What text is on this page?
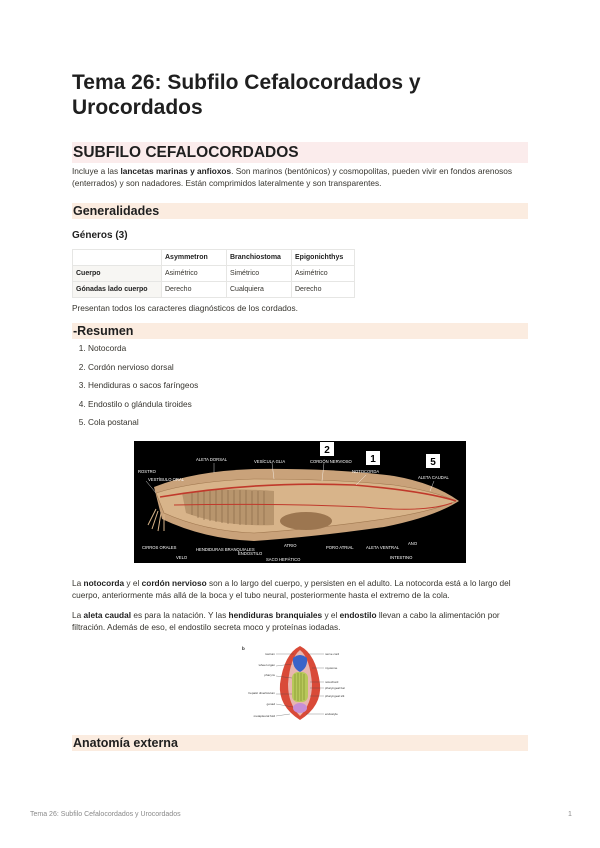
Tema 26: Subfilo Cefalocordados y Urocordados
SUBFILO CEFALOCORDADOS
Incluye a las lancetas marinas y anfioxos. Son marinos (bentónicos) y cosmopolitas, pueden vivir en fondos arenosos (enterrados) y son nadadores. Están comprimidos lateralmente y son transparentes.
Generalidades
Géneros (3)
	Asymmetron	Branchiostoma	Epigonichthys
Cuerpo	Asimétrico	Simétrico	Asimétrico
Gónadas lado cuerpo	Derecho	Cualquiera	Derecho
Presentan todos los caracteres diagnósticos de los cordados.
-Resumen
1. Notocorda
2. Cordón nervioso dorsal
3. Hendiduras o sacos faríngeos
4. Endostilo o glándula tiroides
5. Cola postanal
ROSTRO
VESTÍBULO ORAL
ALETA DORSAL	VESÍCULA GLIA	CORDÓN NERVIOSO
NOTOCORDA
ALETA CAUDAL
CIRROS ORALES
VELO
HENDIDURAS BRANQUIALES
ENDOSTILO
ATRIO
SACO HEPÁTICO
PORO ATRIAL	ALETA VENTRAL
ANO
INTESTINO
2
1	5
La notocorda y el cordón nervioso son a lo largo del cuerpo, y persisten en el adulto. La notocorda está a lo largo del cuerpo, anteriormente más allá de la boca y el tubo neural, posteriormente hasta el extremo de la cola.
La aleta caudal es para la natación. Y las hendiduras branquiales y el endostilo llevan a cabo la alimentación por filtración. Además de eso, el endostilo secreta moco y proteínas iodadas.
b
rostrum
wheel organ
pharynx
hepatic diverticulum
gonad
metapleural fold
nerve cord
myotome
notochord
pharyngeal bar
pharyngeal slit
endostyle
Anatomía externa
Tema 26: Subfilo Cefalocordados y Urocordados	1
